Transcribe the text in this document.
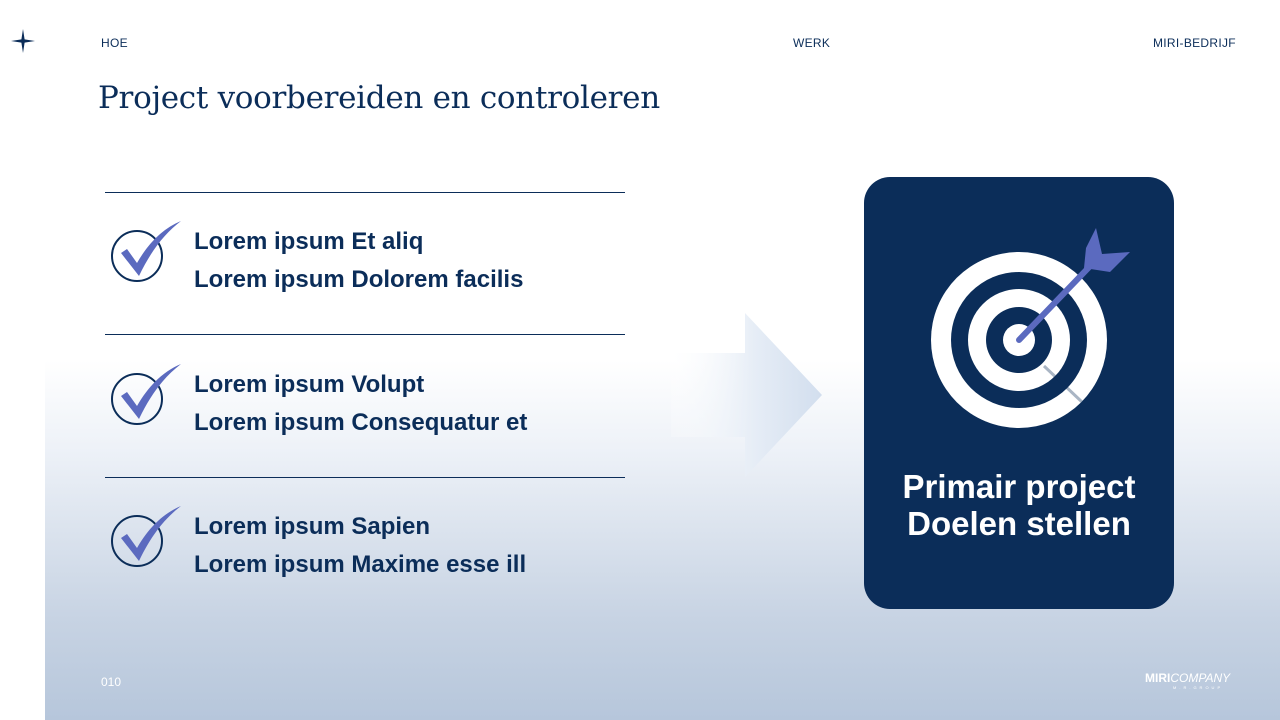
HOE	WERK	MIRI-BEDRIJF
Project voorbereiden en controleren
Lorem ipsum Et aliq
Lorem ipsum Dolorem facilis
Lorem ipsum Volupt
Lorem ipsum Consequatur et
Lorem ipsum Sapien
Lorem ipsum Maxime esse ill
Primair project
Doelen stellen
010	MIRICOMPANY
M.R.GROUP
